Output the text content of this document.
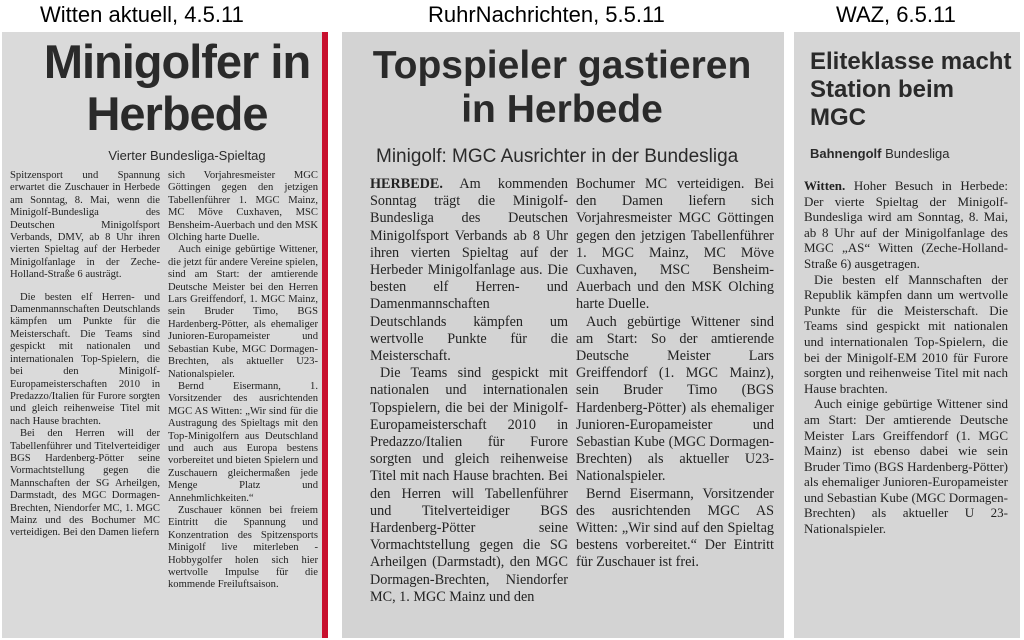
Witten aktuell, 4.5.11	RuhrNachrichten, 5.5.11	WAZ, 6.5.11
Minigolfer in Herbede
Vierter Bundesliga-Spieltag

Spitzensport und Spannung erwartet die Zuschauer in Herbede am Sonntag, 8. Mai, wenn die Minigolf-Bundesliga des Deutschen Minigolfsport Verbands, DMV, ab 8 Uhr ihren vierten Spieltag auf der Herbeder Minigolfanlage in der Zeche-Holland-Straße 6 austrägt.

Die besten elf Herren- und Damenmannschaften Deutschlands kämpfen um Punkte für die Meisterschaft. Die Teams sind gespickt mit nationalen und internationalen Top-Spielern, die bei den Minigolf-Europameisterschaften 2010 in Predazzo/Italien für Furore sorgten und gleich reihenweise Titel mit nach Hause brachten.

Bei den Herren will der Tabellenführer und Titelverteidiger BGS Hardenberg-Pötter seine Vormachtstellung gegen die Mannschaften der SG Arheilgen, Darmstadt, des MGC Dormagen-Brechten, Niendorfer MC, 1. MGC Mainz und des Bochumer MC verteidigen. Bei den Damen liefern

sich Vorjahresmeister MGC Göttingen gegen den jetzigen Tabellenführer 1. MGC Mainz, MC Möve Cuxhaven, MSC Bensheim-Auerbach und den MSK Olching harte Duelle.

Auch einige gebürtige Wittener, die jetzt für andere Vereine spielen, sind am Start: der amtierende Deutsche Meister bei den Herren Lars Greiffendorf, 1. MGC Mainz, sein Bruder Timo, BGS Hardenberg-Pötter, als ehemaliger Junioren-Europameister und Sebastian Kube, MGC Dormagen-Brechten, als aktueller U23-Nationalspieler.

Bernd Eisermann, 1. Vorsitzender des ausrichtenden MGC AS Witten: „Wir sind für die Austragung des Spieltags mit den Top-Minigolfern aus Deutschland und auch aus Europa bestens vorbereitet und bieten Spielern und Zuschauern gleichermaßen jede Menge Platz und Annehmlichkeiten.“

Zuschauer können bei freiem Eintritt die Spannung und Konzentration des Spitzensports Minigolf live miterleben - Hobbygolfer holen sich hier wertvolle Impulse für die kommende Freiluftsaison.

Topspieler gastieren in Herbede
Minigolf: MGC Ausrichter in der Bundesliga

HERBEDE. Am kommenden Sonntag trägt die Minigolf-Bundesliga des Deutschen Minigolfsport Verbands ab 8 Uhr ihren vierten Spieltag auf der Herbeder Minigolfanlage aus. Die besten elf Herren- und Damenmannschaften Deutschlands kämpfen um wertvolle Punkte für die Meisterschaft.

Die Teams sind gespickt mit nationalen und internationalen Topspielern, die bei der Minigolf-Europameisterschaft 2010 in Predazzo/Italien für Furore sorgten und gleich reihenweise Titel mit nach Hause brachten. Bei den Herren will Tabellenführer und Titelverteidiger BGS Hardenberg-Pötter seine Vormachtstellung gegen die SG Arheilgen (Darmstadt), den MGC Dormagen-Brechten, Niendorfer MC, 1. MGC Mainz und den

Bochumer MC verteidigen. Bei den Damen liefern sich Vorjahresmeister MGC Göttingen gegen den jetzigen Tabellenführer 1. MGC Mainz, MC Möve Cuxhaven, MSC Bensheim-Auerbach und den MSK Olching harte Duelle.

Auch gebürtige Wittener sind am Start: So der amtierende Deutsche Meister Lars Greiffendorf (1. MGC Mainz), sein Bruder Timo (BGS Hardenberg-Pötter) als ehemaliger Junioren-Europameister und Sebastian Kube (MGC Dormagen-Brechten) als aktueller U23-Nationalspieler.

Bernd Eisermann, Vorsitzender des ausrichtenden MGC AS Witten: „Wir sind auf den Spieltag bestens vorbereitet.“ Der Eintritt für Zuschauer ist frei.

Eliteklasse macht Station beim MGC
Bahnengolf Bundesliga

Witten. Hoher Besuch in Herbede: Der vierte Spieltag der Minigolf-Bundesliga wird am Sonntag, 8. Mai, ab 8 Uhr auf der Minigolfanlage des MGC „AS“ Witten (Zeche-Holland-Straße 6) ausgetragen.

Die besten elf Mannschaften der Republik kämpfen dann um wertvolle Punkte für die Meisterschaft. Die Teams sind gespickt mit nationalen und internationalen Top-Spielern, die bei der Minigolf-EM 2010 für Furore sorgten und reihenweise Titel mit nach Hause brachten.

Auch einige gebürtige Wittener sind am Start: Der amtierende Deutsche Meister Lars Greiffendorf (1. MGC Mainz) ist ebenso dabei wie sein Bruder Timo (BGS Hardenberg-Pötter) als ehemaliger Junioren-Europameister und Sebastian Kube (MGC Dormagen-Brechten) als aktueller U 23-Nationalspieler.
